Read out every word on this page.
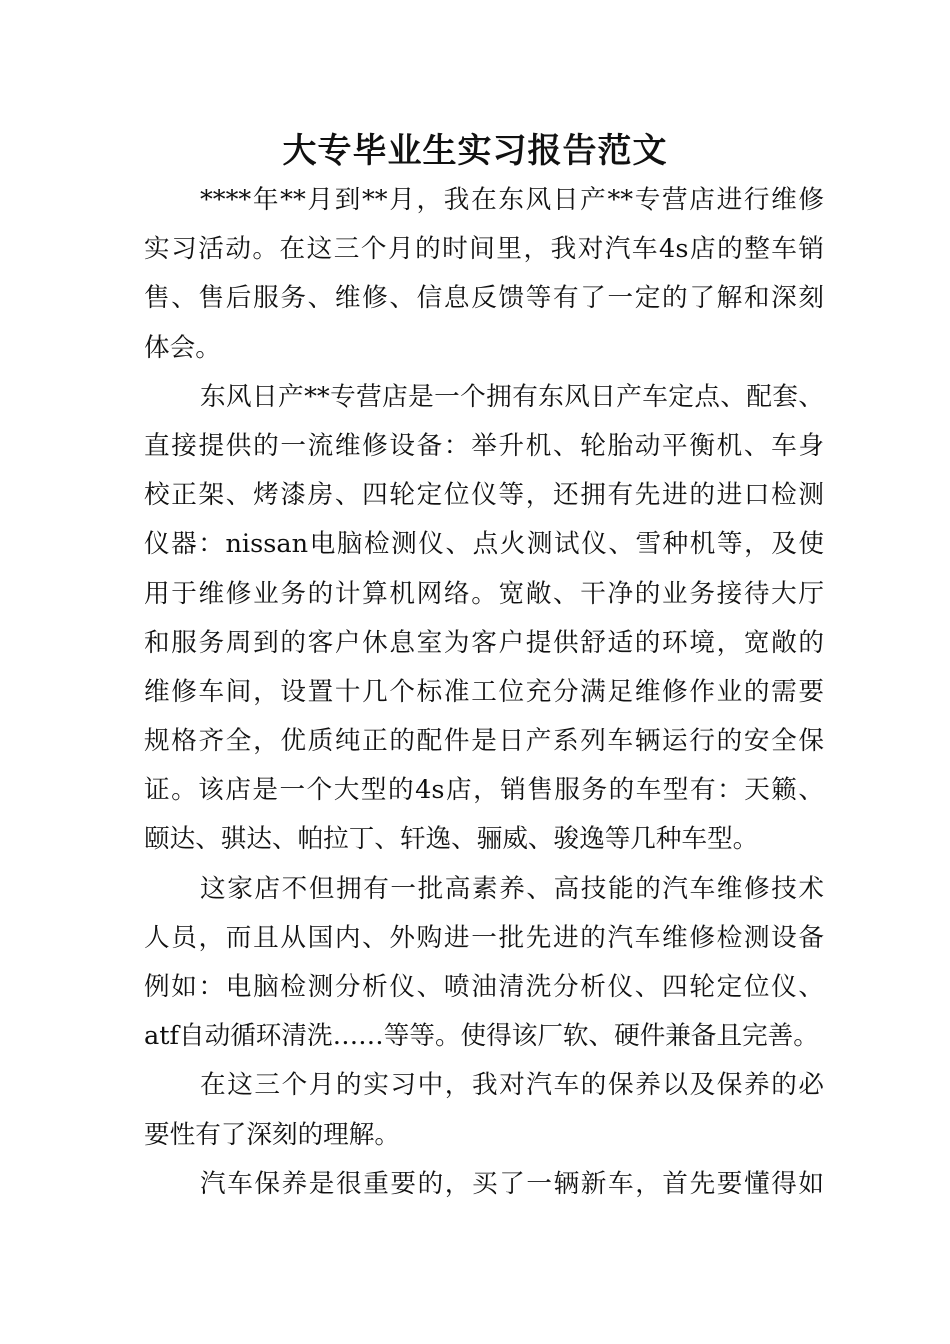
大专毕业生实习报告范文
****年**月到**月，我在东风日产**专营店进行维修
实习活动。在这三个月的时间里，我对汽车4s店的整车销
售、售后服务、维修、信息反馈等有了一定的了解和深刻
体会。
东风日产**专营店是一个拥有东风日产车定点、配套、
直接提供的一流维修设备：举升机、轮胎动平衡机、车身
校正架、烤漆房、四轮定位仪等，还拥有先进的进口检测
仪器：nissan电脑检测仪、点火测试仪、雪种机等，及使
用于维修业务的计算机网络。宽敞、干净的业务接待大厅
和服务周到的客户休息室为客户提供舒适的环境，宽敞的
维修车间，设置十几个标准工位充分满足维修作业的需要
规格齐全，优质纯正的配件是日产系列车辆运行的安全保
证。该店是一个大型的4s店，销售服务的车型有：天籁、
颐达、骐达、帕拉丁、轩逸、骊威、骏逸等几种车型。
这家店不但拥有一批高素养、高技能的汽车维修技术
人员，而且从国内、外购进一批先进的汽车维修检测设备
例如：电脑检测分析仪、喷油清洗分析仪、四轮定位仪、
atf自动循环清洗……等等。使得该厂软、硬件兼备且完善。
在这三个月的实习中，我对汽车的保养以及保养的必
要性有了深刻的理解。
汽车保养是很重要的，买了一辆新车，首先要懂得如
